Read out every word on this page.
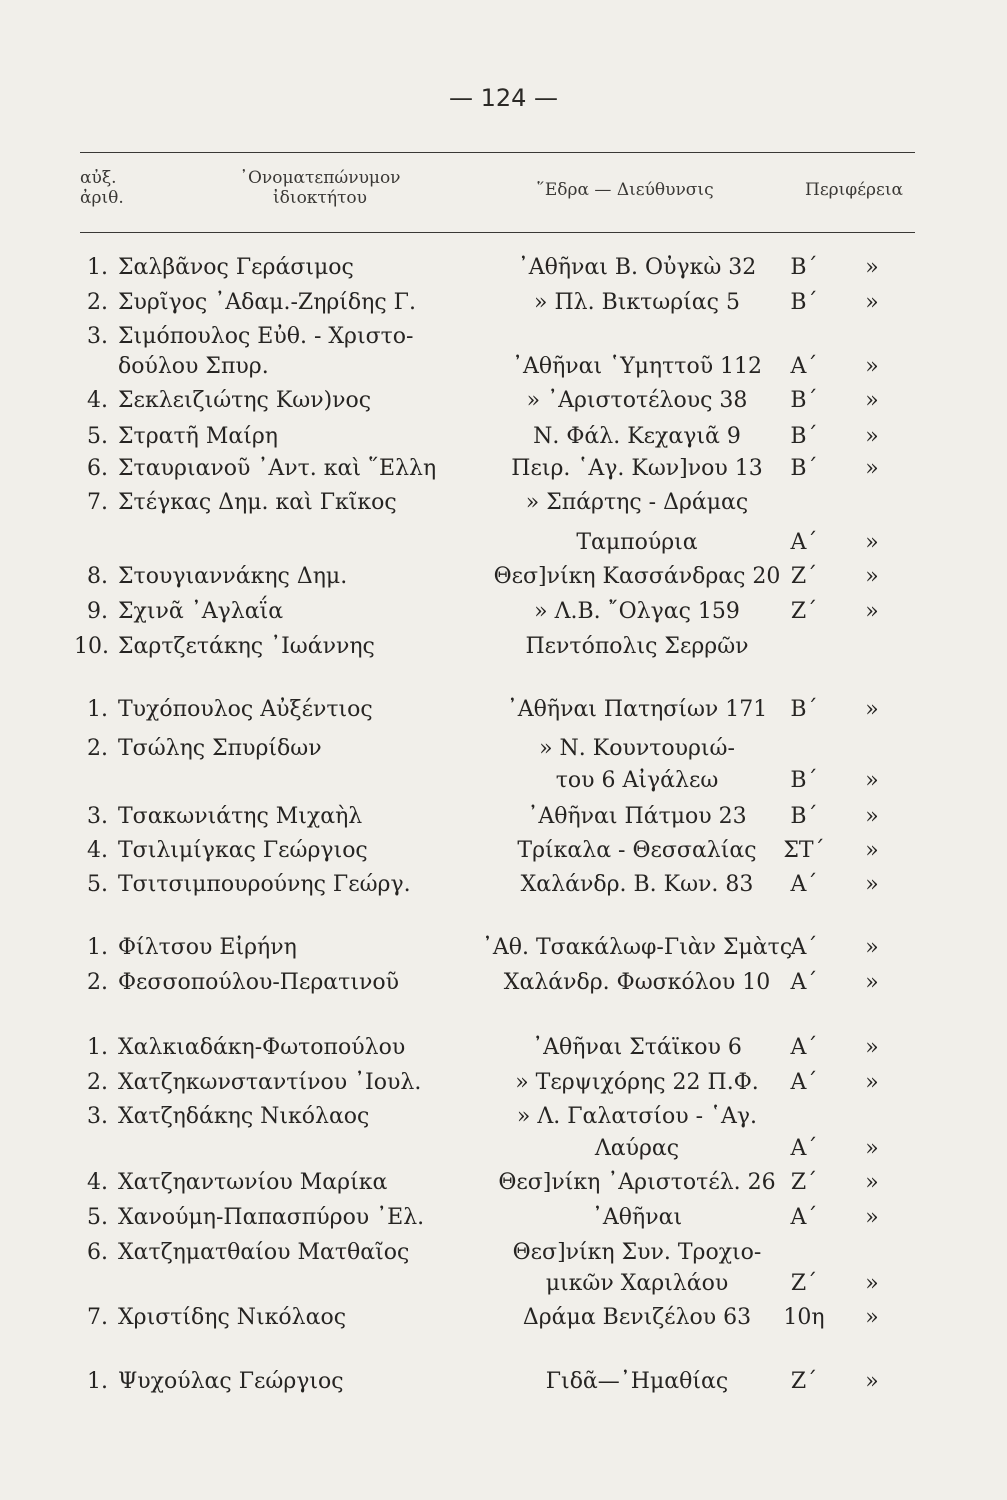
— 124 —
αὐξ.
ἀριθ.
᾿Ονοματεπώνυμον
ἰδιοκτήτου	῞Εδρα — Διεύθυνσις	Περιφέρεια
1. Σαλβᾶνος Γεράσιμος	᾿Αθῆναι Β. Οὐγκὼ 32	Β΄	»
2. Συρῖγος ᾿Αδαμ.-Ζηρίδης Γ.	» Πλ. Βικτωρίας 5	Β΄	»
3. Σιμόπουλος Εὐθ. - Χριστο-
δούλου Σπυρ.	᾿Αθῆναι ῾Υμηττοῦ 112	Α΄	»
4. Σεκλειζιώτης Κων)νος	» ᾿Αριστοτέλους 38	Β΄	»
5. Στρατῆ Μαίρη	Ν. Φάλ. Κεχαγιᾶ 9	Β΄	»
6. Σταυριανοῦ ᾿Αντ. καὶ ῞Ελλη	Πειρ. ῾Αγ. Κων]νου 13	Β΄	»
7. Στέγκας Δημ. καὶ Γκῖκος	» Σπάρτης - Δράμας
Ταμπούρια	Α΄	»
8. Στουγιαννάκης Δημ.	Θεσ]νίκη Κασσάνδρας 20 Ζ΄	»
9. Σχινᾶ ᾿Αγλαΐα	» Λ.Β. ῎Ολγας 159	Ζ΄	»
10. Σαρτζετάκης ᾿Ιωάννης	Πεντόπολις Σερρῶν
1. Τυχόπουλος Αὐξέντιος	᾿Αθῆναι Πατησίων 171	Β΄	»
2. Τσώλης Σπυρίδων	» Ν. Κουντουριώ-
του 6 Αἰγάλεω	Β΄	»
3. Τσακωνιάτης Μιχαὴλ	᾿Αθῆναι Πάτμου 23	Β΄	»
4. Τσιλιμίγκας Γεώργιος	Τρίκαλα - Θεσσαλίας	ΣΤ΄	»
5. Τσιτσιμπουρούνης Γεώργ.	Χαλάνδρ. Β. Κων. 83	Α΄	»
1. Φίλτσου Εἰρήνη	᾿Αθ. Τσακάλωφ-Γιὰν Σμὰτς
Α΄	»
2. Φεσσοπούλου-Περατινοῦ	Χαλάνδρ. Φωσκόλου 10 Α΄	»
1. Χαλκιαδάκη-Φωτοπούλου	᾿Αθῆναι Στάϊκου 6	Α΄	»
2. Χατζηκωνσταντίνου ᾿Ιουλ.	» Τερψιχόρης 22 Π.Φ.	Α΄	»
3. Χατζηδάκης Νικόλαος	» Λ. Γαλατσίου - ῾Αγ.
Λαύρας	Α΄	»
4. Χατζηαντωνίου Μαρίκα	Θεσ]νίκη ᾿Αριστοτέλ. 26 Ζ΄	»
5. Χανούμη-Παπασπύρου ᾿Ελ.	᾿Αθῆναι	Α΄	»
6. Χατζηματθαίου Ματθαῖος	Θεσ]νίκη Συν. Τροχιο-
μικῶν Χαριλάου	Ζ΄	»
7. Χριστίδης Νικόλαος	Δράμα Βενιζέλου 63	10η	»
1. Ψυχούλας Γεώργιος	Γιδᾶ—᾿Ημαθίας	Ζ΄	»
